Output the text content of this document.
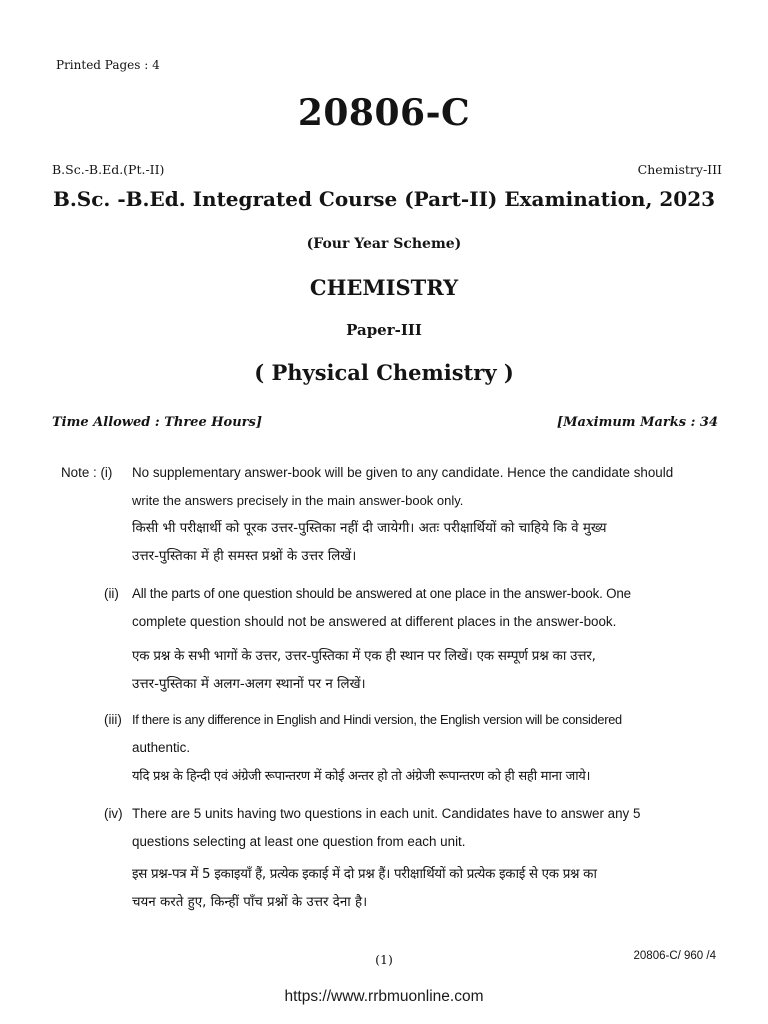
Printed Pages : 4
20806-C
B.Sc.-B.Ed.(Pt.-II)	Chemistry-III
B.Sc. -B.Ed. Integrated Course (Part-II) Examination, 2023
(Four Year Scheme)
CHEMISTRY
Paper-III
( Physical Chemistry )
Time Allowed : Three Hours]	[Maximum Marks : 34
Note : (i) No supplementary answer-book will be given to any candidate. Hence the candidate should
write the answers precisely in the main answer-book only.
किसी भी परीक्षार्थी को पूरक उत्तर-पुस्तिका नहीं दी जायेगी। अतः परीक्षार्थियों को चाहिये कि वे मुख्य
उत्तर-पुस्तिका में ही समस्त प्रश्नों के उत्तर लिखें।
(ii) All the parts of one question should be answered at one place in the answer-book. One
complete question should not be answered at different places in the answer-book.
एक प्रश्न के सभी भागों के उत्तर, उत्तर-पुस्तिका में एक ही स्थान पर लिखें। एक सम्पूर्ण प्रश्न का उत्तर,
उत्तर-पुस्तिका में अलग-अलग स्थानों पर न लिखें।
(iii) If there is any difference in English and Hindi version, the English version will be considered
authentic.
यदि प्रश्न के हिन्दी एवं अंग्रेजी रूपान्तरण में कोई अन्तर हो तो अंग्रेजी रूपान्तरण को ही सही माना जाये।
(iv) There are 5 units having two questions in each unit. Candidates have to answer any 5
questions selecting at least one question from each unit.
इस प्रश्न-पत्र में 5 इकाइयाँ हैं, प्रत्येक इकाई में दो प्रश्न हैं। परीक्षार्थियों को प्रत्येक इकाई से एक प्रश्न का
चयन करते हुए, किन्हीं पाँच प्रश्नों के उत्तर देना है।
(1)	20806-C/ 960 /4
https://www.rrbmuonline.com
